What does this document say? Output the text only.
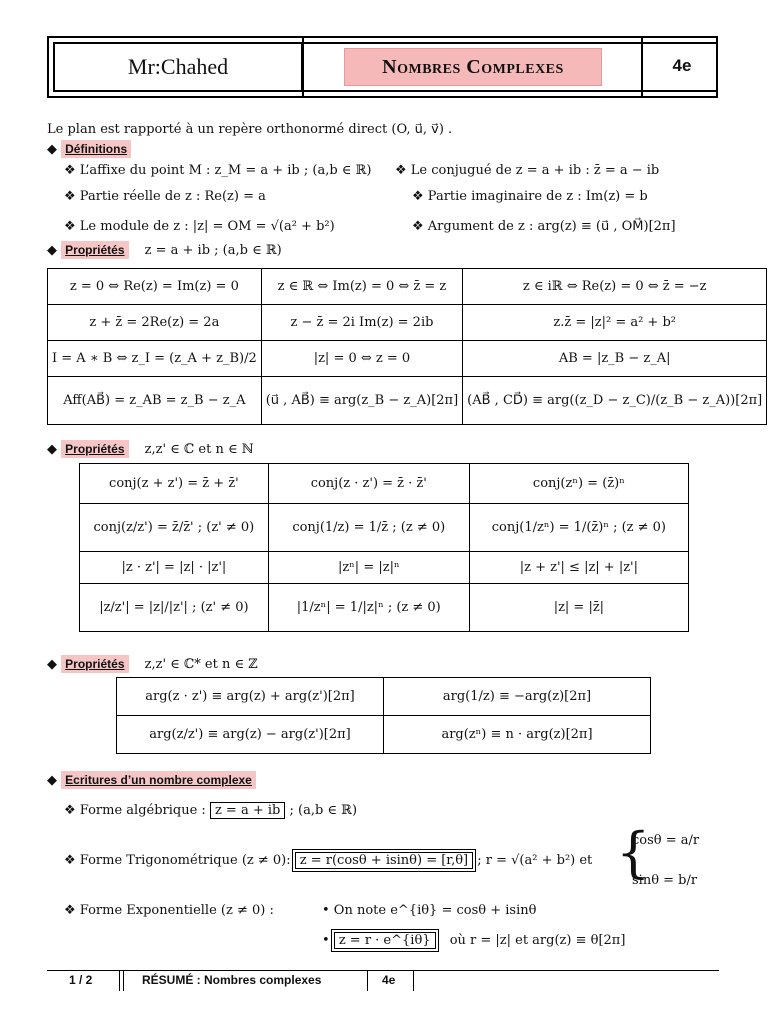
Mr:Chahed	Nombres Complexes	4e
Le plan est rapporté à un repère orthonormé direct (O, u⃗, v⃗) .
◆ Définitions
❖ L’affixe du point M : z_M = a + ib ; (a,b ∈ ℝ) ❖ Le conjugué de z = a + ib : z̄ = a − ib
❖ Partie réelle de z : Re(z) = a	❖ Partie imaginaire de z : Im(z) = b
❖ Le module de z : |z| = OM = √(a² + b²)	❖ Argument de z : arg(z) ≡ (u⃗ , OM⃗)[2π]
◆ Propriétés z = a + ib ; (a,b ∈ ℝ)
z = 0 ⇔ Re(z) = Im(z) = 0	z ∈ ℝ ⇔ Im(z) = 0 ⇔ z̄ = z	z ∈ iℝ ⇔ Re(z) = 0 ⇔ z̄ = −z
z + z̄ = 2Re(z) = 2a	z − z̄ = 2i Im(z) = 2ib	z.z̄ = |z|² = a² + b²
I = A ∗ B ⇔ z_I = (z_A + z_B)/2	|z| = 0 ⇔ z = 0	AB = |z_B − z_A|
Aff(AB⃗) = z_AB = z_B − z_A	(u⃗ , AB⃗) ≡ arg(z_B − z_A)[2π]	(AB⃗ , CD⃗) ≡ arg((z_D − z_C)/(z_B − z_A))[2π]
◆ Propriétés z,z' ∈ ℂ et n ∈ ℕ
conj(z + z') = z̄ + z̄'	conj(z · z') = z̄ · z̄'	conj(zⁿ) = (z̄)ⁿ
conj(z/z') = z̄/z̄' ; (z' ≠ 0)	conj(1/z) = 1/z̄ ; (z ≠ 0)	conj(1/zⁿ) = 1/(z̄)ⁿ ; (z ≠ 0)
|z · z'| = |z| · |z'|	|zⁿ| = |z|ⁿ	|z + z'| ≤ |z| + |z'|
|z/z'| = |z|/|z'| ; (z' ≠ 0)	|1/zⁿ| = 1/|z|ⁿ ; (z ≠ 0)	|z| = |z̄|
◆ Propriétés z,z' ∈ ℂ* et n ∈ ℤ
arg(z · z') ≡ arg(z) + arg(z')[2π]	arg(1/z) ≡ −arg(z)[2π]
arg(z/z') ≡ arg(z) − arg(z')[2π]	arg(zⁿ) ≡ n · arg(z)[2π]
◆ Ecritures d’un nombre complexe
❖ Forme algébrique : z = a + ib ; (a,b ∈ ℝ)
❖ Forme Trigonométrique (z ≠ 0): z = r(cosθ + isinθ) = [r,θ] ; r = √(a² + b²) et {
cosθ = a/r
sinθ = b/r
❖ Forme Exponentielle (z ≠ 0) :	• On note e^{iθ} = cosθ + isinθ
• z = r · e^{iθ} où r = |z| et arg(z) ≡ θ[2π]
1 / 2	RÉSUMÉ : Nombres complexes	4e
